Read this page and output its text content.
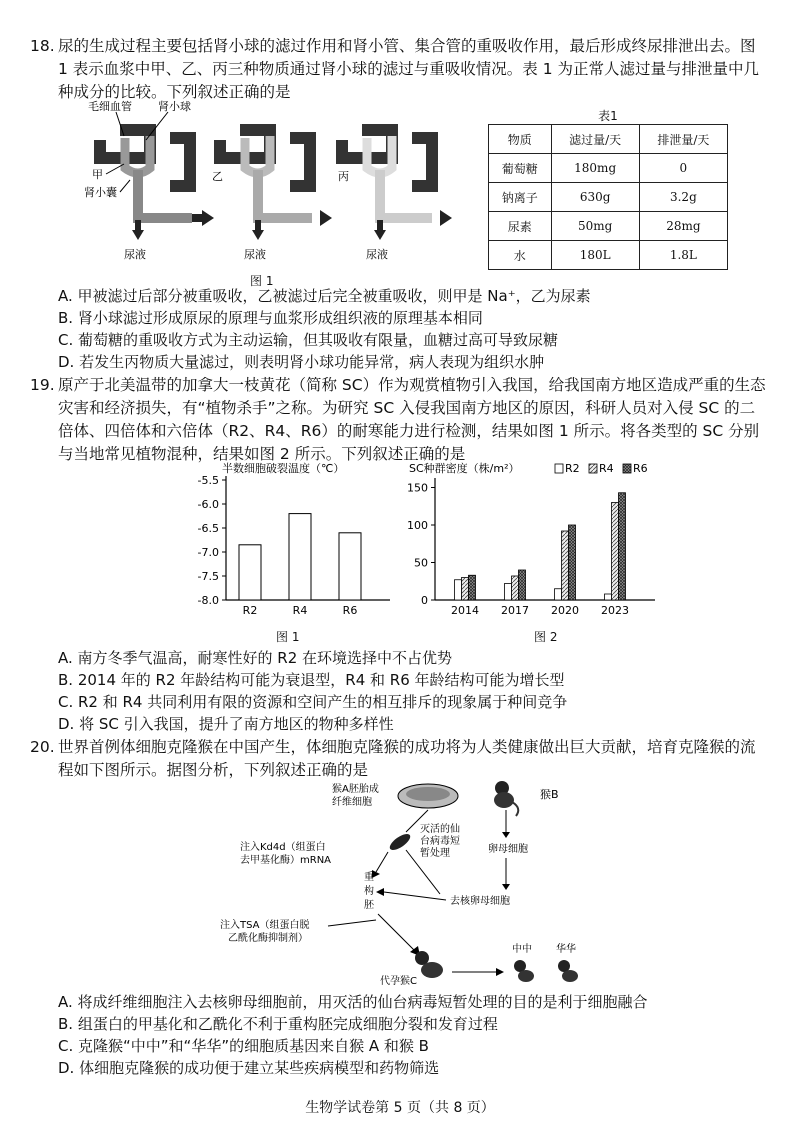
18. 尿的生成过程主要包括肾小球的滤过作用和肾小管、集合管的重吸收作用，最后形成终尿排泄出去。图 1 表示血浆中甲、乙、丙三种物质通过肾小球的滤过与重吸收情况。表 1 为正常人滤过量与排泄量中几种成分的比较。下列叙述正确的是
毛细血管 肾小球
甲
肾小囊
乙	丙
尿液	尿液	尿液
图 1
表1
物质	滤过量/天	排泄量/天
葡萄糖	180mg	0
钠离子	630g	3.2g
尿素	50mg	28mg
水	180L	1.8L
A. 甲被滤过后部分被重吸收，乙被滤过后完全被重吸收，则甲是 Na⁺，乙为尿素
B. 肾小球滤过形成原尿的原理与血浆形成组织液的原理基本相同
C. 葡萄糖的重吸收方式为主动运输，但其吸收有限量，血糖过高可导致尿糖
D. 若发生丙物质大量滤过，则表明肾小球功能异常，病人表现为组织水肿
19. 原产于北美温带的加拿大一枝黄花（简称 SC）作为观赏植物引入我国，给我国南方地区造成严重的生态灾害和经济损失，有“植物杀手”之称。为研究 SC 入侵我国南方地区的原因，科研人员对入侵 SC 的二倍体、四倍体和六倍体（R2、R4、R6）的耐寒能力进行检测，结果如图 1 所示。将各类型的 SC 分别与当地常见植物混种，结果如图 2 所示。下列叙述正确的是
半数细胞破裂温度（℃）
-5.5
-6.0
-6.5
-7.0
-7.5
-8.0
R2	R4	R6
SC种群密度（株/m²）
0
50
100
150
2014 2017 2020 2023
R2 R4 R6
图 1	图 2
A. 南方冬季气温高，耐寒性好的 R2 在环境选择中不占优势
B. 2014 年的 R2 年龄结构可能为衰退型，R4 和 R6 年龄结构可能为增长型
C. R2 和 R4 共同利用有限的资源和空间产生的相互排斥的现象属于种间竞争
D. 将 SC 引入我国，提升了南方地区的物种多样性
20. 世界首例体细胞克隆猴在中国产生，体细胞克隆猴的成功将为人类健康做出巨大贡献，培育克隆猴的流程如下图所示。据图分析，下列叙述正确的是
猴A胚胎成
纤维细胞
猴B
卵母细胞
去核卵母细胞
灭活的仙
台病毒短
暂处理
注入Kd4d（组蛋白
去甲基化酶）mRNA
重
构
胚
注入TSA（组蛋白脱
乙酰化酶抑制剂）
代孕猴C
中中 华华
A. 将成纤维细胞注入去核卵母细胞前，用灭活的仙台病毒短暂处理的目的是利于细胞融合
B. 组蛋白的甲基化和乙酰化不利于重构胚完成细胞分裂和发育过程
C. 克隆猴“中中”和“华华”的细胞质基因来自猴 A 和猴 B
D. 体细胞克隆猴的成功便于建立某些疾病模型和药物筛选
生物学试卷第 5 页（共 8 页）
